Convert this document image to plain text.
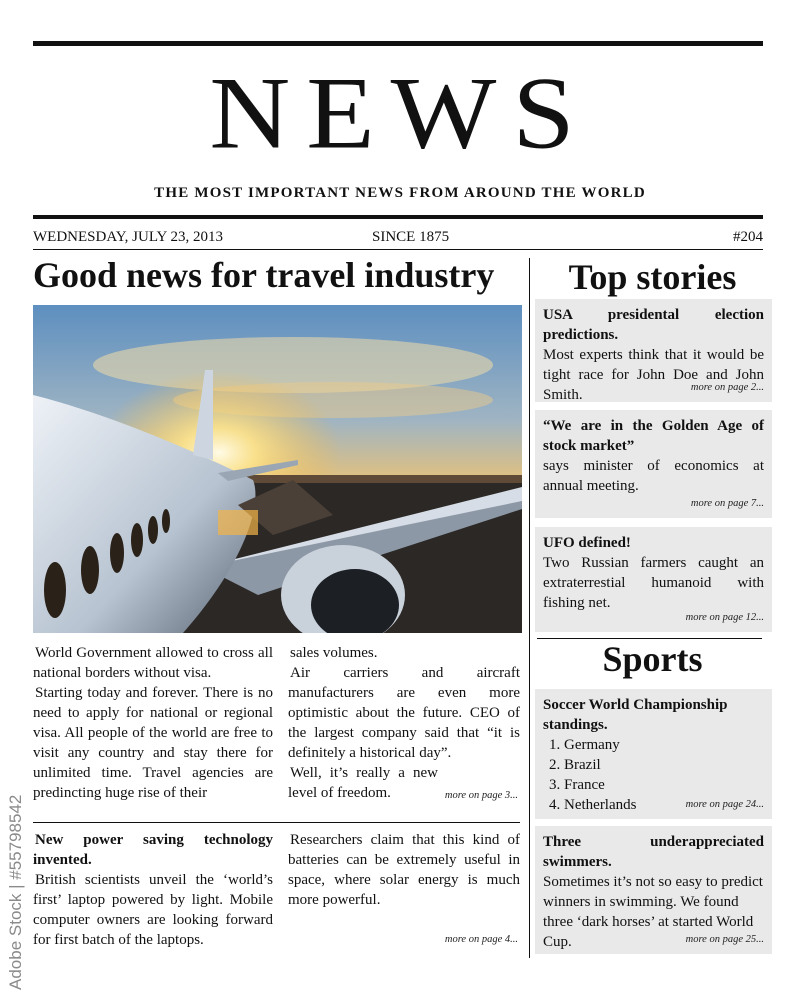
NEWS
THE MOST IMPORTANT NEWS FROM AROUND THE WORLD
WEDNESDAY, JULY 23, 2013	SINCE 1875	#204
Good news for travel industry

World Government allowed to cross all national borders without visa.

Starting today and forever. There is no need to apply for national or regional visa. All people of the world are free to visit any country and stay there for unlimited time. Travel agencies are predincting huge rise of their

sales volumes.

Air carriers and aircraft manufacturers are even more optimistic about the future. CEO of the largest company said that “it is definitely a historical day”.

Well, it’s really a new level of freedom.	more on page 3...

New power saving technology invented.

British scientists unveil the ‘world’s first’ laptop powered by light. Mobile computer owners are looking forward for first batch of the laptops.

Researchers claim that this kind of batteries can be extremely useful in space, where solar energy is much more powerful.

more on page 4...
Top stories
USA presidental election predictions.
Most experts think that it would be tight race for John Doe and John Smith.	more on page 2...
“We are in the Golden Age of stock market”
says minister of economics at annual meeting.
more on page 7...
UFO defined!
Two Russian farmers caught an extraterrestial humanoid with fishing net.
more on page 12...
Sports
Soccer World Championship standings.
1. Germany
2. Brazil
3. France
4. Netherlands	more on page 24...
Three underappreciated swimmers.
Sometimes it’s not so easy to predict winners in swimming. We found three ‘dark horses’ at started World Cup.	more on page 25...
Adobe Stock | #55798542
